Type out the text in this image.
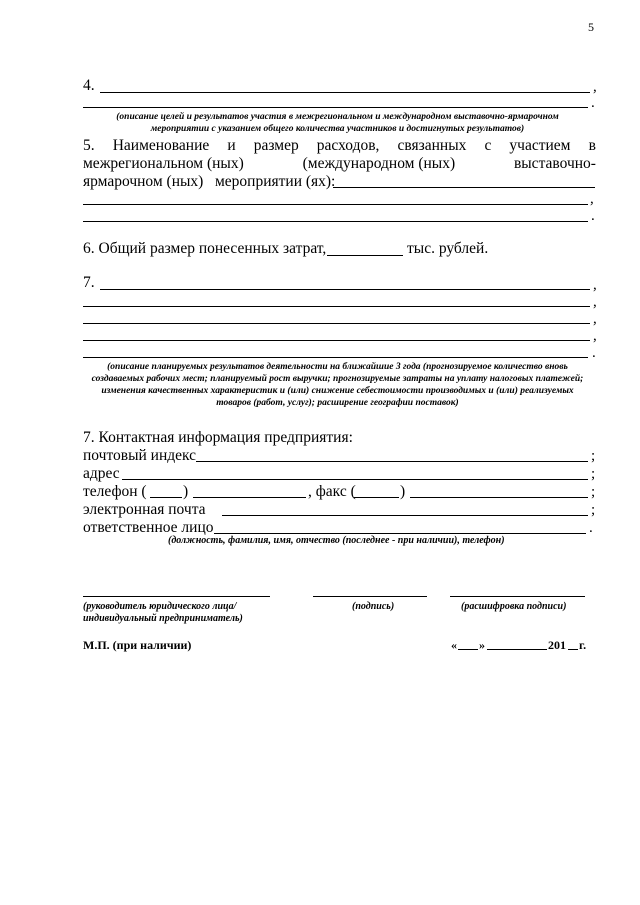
5
4.	,
.
(описание целей и результатов участия в межрегиональном и международном выставочно-ярмарочном мероприятии с указанием общего количества участников и достигнутых результатов)
5. Наименование и размер расходов, связанных с участием в
межрегиональном (ных)	(международном (ных)	выставочно-
ярмарочном (ных)   мероприятии (ях):
,
.
6. Общий размер понесенных затрат,	тыс. рублей.
7.	,
,
,
,
.
(описание планируемых результатов деятельности на ближайшие 3 года (прогнозируемое количество вновь создаваемых рабочих мест; планируемый рост выручки; прогнозируемые затраты на уплату налоговых платежей; изменения качественных характеристик и (или) снижение себестоимости производимых и (или) реализуемых товаров (работ, услуг); расширение географии поставок)
7. Контактная информация предприятия:
почтовый индекс	;
адрес	;
телефон ( )	, факс (	)	;
электронная почта	;
ответственное лицо	.
(должность, фамилия, имя, отчество (последнее - при наличии), телефон)
(руководитель юридического лица/
индивидуальный предприниматель)
(подпись)	(расшифровка подписи)
М.П. (при наличии)	« »	201 г.
